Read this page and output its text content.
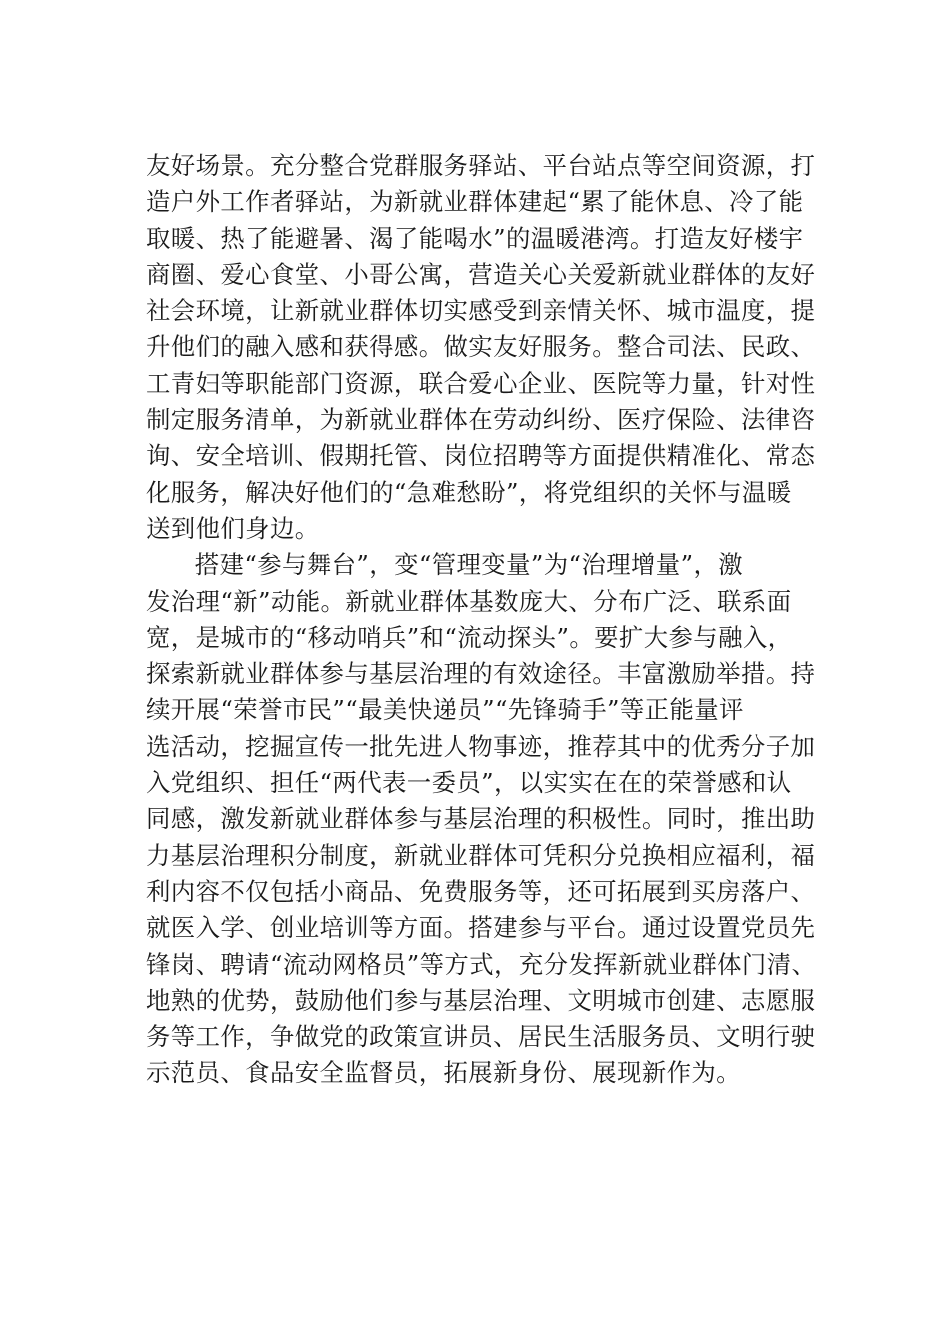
友好场景。充分整合党群服务驿站、平台站点等空间资源，打
造户外工作者驿站，为新就业群体建起“累了能休息、冷了能
取暖、热了能避暑、渴了能喝水”的温暖港湾。打造友好楼宇
商圈、爱心食堂、小哥公寓，营造关心关爱新就业群体的友好
社会环境，让新就业群体切实感受到亲情关怀、城市温度，提
升他们的融入感和获得感。做实友好服务。整合司法、民政、
工青妇等职能部门资源，联合爱心企业、医院等力量，针对性
制定服务清单，为新就业群体在劳动纠纷、医疗保险、法律咨
询、安全培训、假期托管、岗位招聘等方面提供精准化、常态
化服务，解决好他们的“急难愁盼”，将党组织的关怀与温暖
送到他们身边。

搭建“参与舞台”，变“管理变量”为“治理增量”，激
发治理“新”动能。新就业群体基数庞大、分布广泛、联系面
宽，是城市的“移动哨兵”和“流动探头”。要扩大参与融入，
探索新就业群体参与基层治理的有效途径。丰富激励举措。持
续开展“荣誉市民”“最美快递员”“先锋骑手”等正能量评
选活动，挖掘宣传一批先进人物事迹，推荐其中的优秀分子加
入党组织、担任“两代表一委员”，以实实在在的荣誉感和认
同感，激发新就业群体参与基层治理的积极性。同时，推出助
力基层治理积分制度，新就业群体可凭积分兑换相应福利，福
利内容不仅包括小商品、免费服务等，还可拓展到买房落户、
就医入学、创业培训等方面。搭建参与平台。通过设置党员先
锋岗、聘请“流动网格员”等方式，充分发挥新就业群体门清、
地熟的优势，鼓励他们参与基层治理、文明城市创建、志愿服
务等工作，争做党的政策宣讲员、居民生活服务员、文明行驶
示范员、食品安全监督员，拓展新身份、展现新作为。
